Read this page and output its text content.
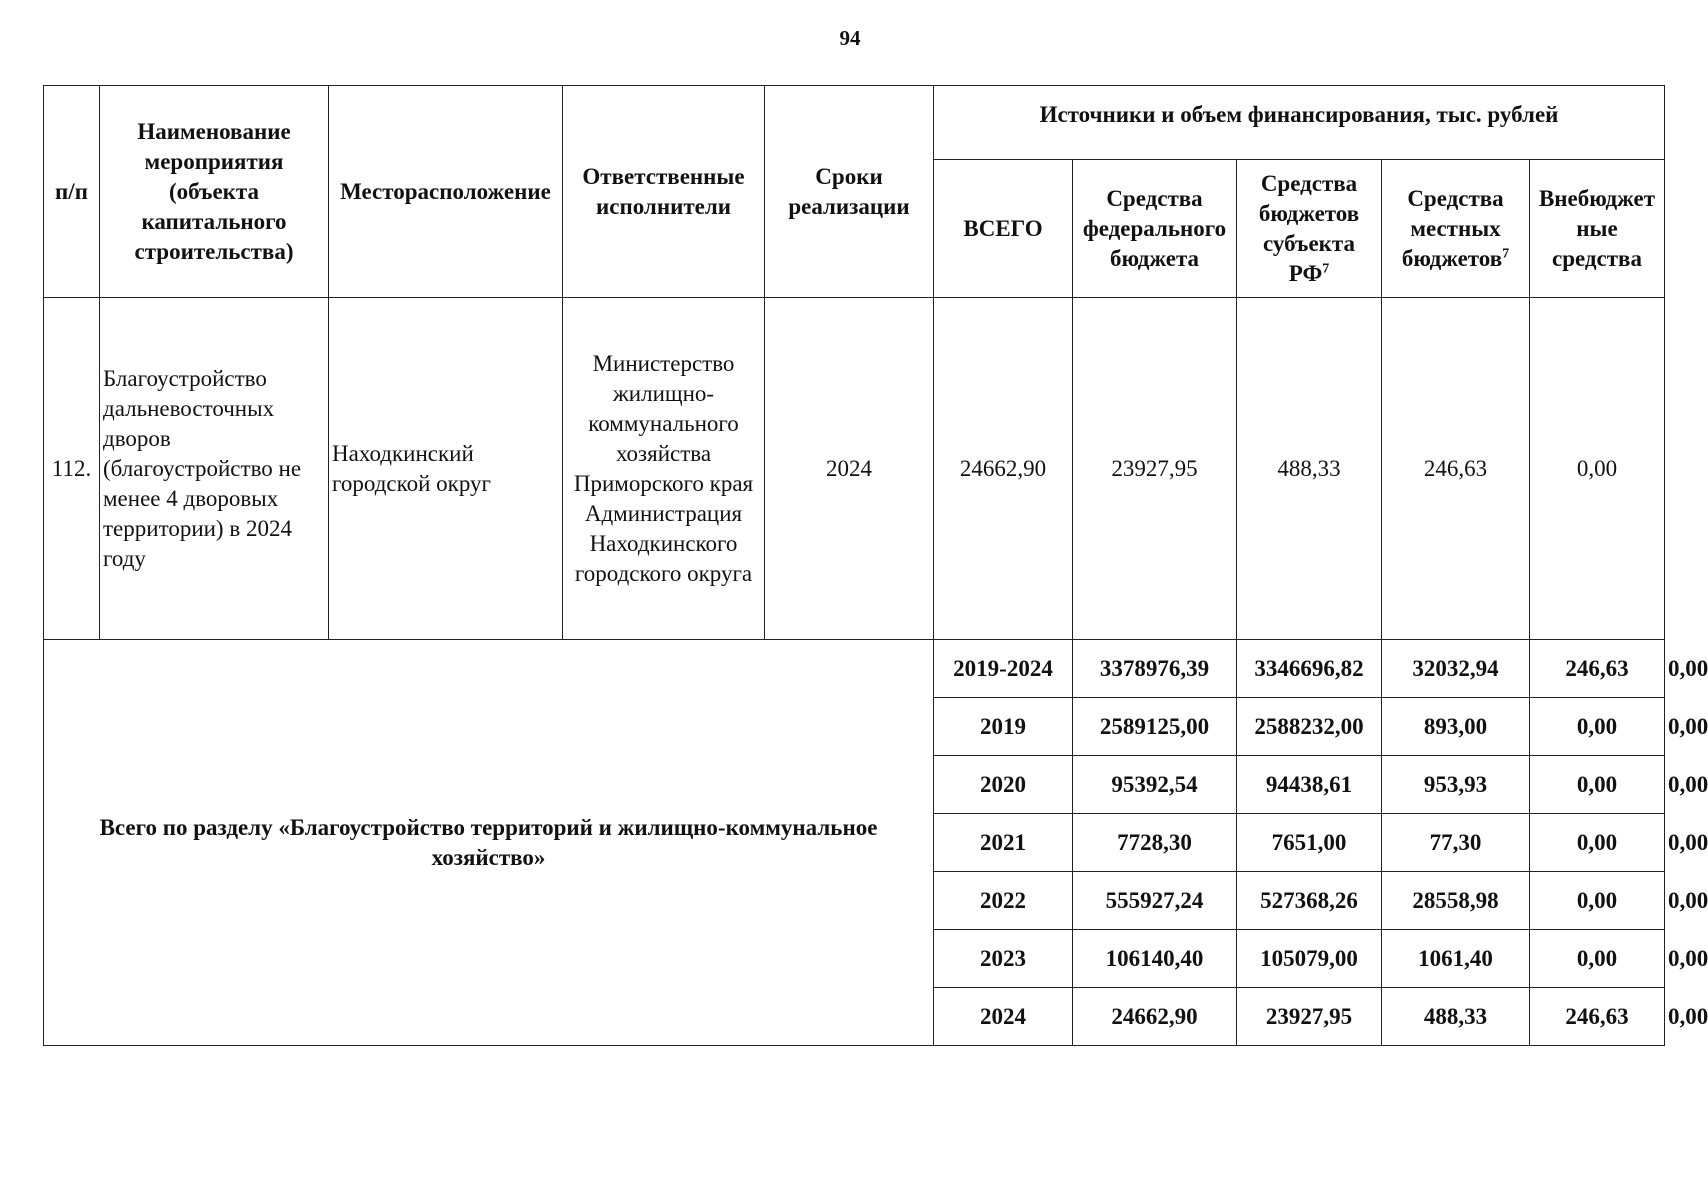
94
п/п	Наименование мероприятия (объекта капитального строительства)	Месторасположение	Ответственные исполнители	Сроки реализации	Источники и объем финансирования, тыс. рублей					
					ВСЕГО	Средства федерального бюджета	Средства бюджетов субъекта $РФ^7$	Средства местных бюджетов$^7$	Внебюджет ные средства	
112.	Благоустройство дальневосточных дворов (благоустройство не менее 4 дворовых территории) в 2024 году	Находкинский городской округ	Министерство жилищно-коммунального хозяйства Приморского края Администрация Находкинского городского округа	2024	24662,90	23927,95	488,33	246,63	0,00	
Всего по разделу «Благоустройство территорий и жилищно-коммунальное хозяйство»					2019-2024	3378976,39	3346696,82	32032,94	246,63	0,00
					2019	2589125,00	2588232,00	893,00	0,00	0,00
					2020	95392,54	94438,61	953,93	0,00	0,00
					2021	7728,30	7651,00	77,30	0,00	0,00
					2022	555927,24	527368,26	28558,98	0,00	0,00
					2023	106140,40	105079,00	1061,40	0,00	0,00
					2024	24662,90	23927,95	488,33	246,63	0,00
